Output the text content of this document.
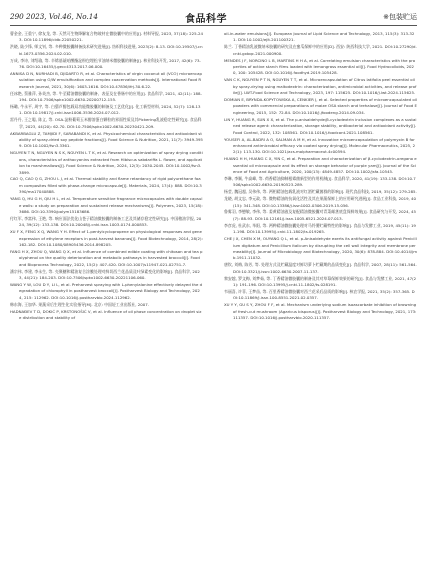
290 2023, Vol.46, No.14	食品科学	※包装贮运

曹金金, 王重宁, 徐友龙, 等. 天然可生物降解复合物玻材在微胶囊中的应用[J]. 材料导报, 2023, 37(18): 225-243. DOI:10.11896/cldb.22050221.

洪晓, 陆少锋, 师文钊, 等. 多种微胶囊制备技术研究进展[J]. 纺织科技进展, 2023(2): 8-13. DOI:10.19507/j.cnki.1673-0356.2024.02.010.

万成, 李诗, 刘绍瑜, 等. 辛烯基琥珀酸酯淀粉包埋松节油纳米微胶囊的制备[J]. 林业科技开发, 2017, 42(6): 73-76. DOI:10.16455/j.gecc4313.2017.06.000.

ANNISA D N, NURHADI B, DJIDARTO R, et al. Characteristics of virgin coconut oil (VCO) microencapsulation using O/W emulsification and complex coacervation methods[J]. International Food Research Journal, 2021, 30(6): 1603-1616. DOI:10.47836/ifrj.30.6.22.

任冰艳, 蔡雅萍, 孙英杰, 等. 牛至精油微胶囊的制备、表征及在香肠中的应用[J]. 食品科学, 2021, 42(11): 188-194. DOI:10.7506/spkx1002-6630-20200712-155.

杨璐, 牛永平, 周宇, 等. 白藜芦醇包载双功能微胶囊的制备及工艺优化[J]. 化工新型材料, 2024, 52(7): 128-131. DOI:10.19817/j.cnki.issn1006-3536.2024.07.012.

雷丹丹, 王之聪, 陈义, 等. OSA-淀粉葡萄玉米醇溶蛋白颗粒的界面性质及其Pickering乳液稳定性研究[J]. 食品科学, 2023, 44(20): 62-70. DOI:10.7506/spkx1002-6630-20230421-209.

AKBARBAGLU Z, TAMJIDI F, SARABANDI K, et al. Physicochemical characteristics and antioxidant stability of spray-dried soy peptide fractions[J]. Food Science & Nutrition, 2021, 11(7): 3949-3959. DOI:10.1002/fsn3.3361.

NGUYEN T N, NGUYEN N S K, NGUYEN L T K, et al. Research on optimization of spray drying conditions, characteristics of anthocyanins extracted from Hibiscus sabdariffa L. flower, and application to marshmallows[J]. Food Science & Nutrition, 2024, 12(3): 2030-2045. DOI:10.1002/fsn3.3899.

CAO Q, CAO Q G, ZHOU L J, et al. Thermal stability and flame retardancy of rigid polyurethane foam composites filled with phase-change microcapsule[J]. Materials, 2024, 17(4): 888. DOI:10.3390/ma17040888.

YANG Q, HU G H, QIU H L, et al. Temperature sensitive fragrance microcapsules with double capsule walls: a study on preparation and sustained release mechanisms[J]. Polymers, 2023, 15(18): 3686. DOI:10.3390/polym15183686.

付红军, 李富伟, 王艳, 等. 响应面法优化山苍子精油微胶囊的制备工艺及其储存稳定性研究[J]. 中国粮油学报, 2024, 39(12): 133-138. DOI:10.20048/j.cnki.issn.1003-0174.000853.

XU F X, FENG X Q, WANG Y H. Effect of 1-pentylcyclopropene on physiological responses and gene expression of ethylene receptors in post-harvest bananas[J]. Food Biotechnology, 2014, 28(2): 162-182. DOI:10.1080/08905436.2014.898205.

FANG H X, ZHOU Q, WANG Q X, et al. Influence of combined edible coating with chitosan and tea polyphenol on the quality deterioration and metabolic pathways in harvested broccoli[J]. Food and Bioprocess Technology, 2022, 15(2): 407-420. DOI:10.1007/s11947-021-02751-7.

潘宗伟, 李建, 李永生, 等. 壳聚糖和精油复合涂膜处理对鲜切西兰花品质及叶绿素变化的影响[J]. 食品科学, 2023, 44(21): 184-203. DOI:10.7506/spkx1002-6630-20221106-060.

WANG Y W, LOU D Y, LI L, et al. Preharvest spraying with L-phenylalanine effectively delayed the degradation of chlorophyll in postharvest broccoli[J]. Postharvest Biology and Technology, 2024, 215: 112962. DOI:10.1016/j.postharvbio.2024.112962.

韩东海, 王加华. 果蔬采后生理生化实验指导[M]. 北京: 中国轻工业出版社, 2007.

HADNAĐEV T D, DOKIĆ P, KRSTONOŠIĆ V, et al. Influence of oil phase concentration on droplet size distribution and stability of

oil-in-water emulsions[J]. European Journal of Lipid Science and Technology, 2013, 115(3): 313-321. DOI:10.1002/ejlt.201100321.

陈兰. 丁香精油乳液微纳米胶囊的研究及在蜜瓜保鲜中的应用[D]. 西安: 陕西科技大学, 2021. DOI:10.27290/d.cnki.gxbqc.2021.000900.

MENDES J F, NORCINO L B, MARTINS H H A, et al. Correlating emulsion characteristics with the properties of active starch films loaded with lemongrass essential oil[J]. Food Hydrocolloids, 2020, 100: 105428. DOI:10.1016/j.foodhyd.2019.105428.

VAN C K, NGUYEN P T N, NGUYEN T T, et al. Microencapsulation of Citrus latifolia peel essential oil by spray-drying using maltodextrin: characterization, antimicrobial activities, and release profile[J]. LWT-Food Science and Technology, 2023, 197: 115625. DOI:10.1016/j.lwt.2024.115625.

DOMIAN E, BRYNDA-KOPYTOWSKA A, CENKIER J, et al. Selected properties of microencapsulated oil powders with commercial preparations of maize OSA starch and trehalose[J]. Journal of Food Engineering, 2015, 152: 72-84. DOI:10.1016/j.jfoodeng.2014.09.034.

LIN Y, HUANG R, SUN X X, et al. The p-anisaldehyde/β-cyclodextrin inclusion complexes as a sustained release agent: characterization, storage stability, antibacterial and antioxidant activity[J]. Food Control, 2022, 132: 108561. DOI:10.1016/j.foodcont.2021.108561.

YOUSEFI A, AL-BADRI A O, SALMAN A M H, et al. Innovative microencapsulation of polymyxin B for enhanced antimicrobial efficacy via coated spray drying[J]. Molecular Pharmaceutics, 2025, 22(1): 113-130. DOI:10.1021/acs.molpharmaceut.4c00594.

HUANG H H, HUANG C X, YIN C, et al. Preparation and characterization of β-cyclodextrin-oregano essential oil microcapsule and its effect on storage behavior of purple yam[J]. Journal of the Science of Food and Agriculture, 2020, 100(13): 4849-4857. DOI:10.1002/jsfa.10545.

李琳, 李顺, 牛高峰, 等. 荷香精油抑制根霉菌新型的作用机制[J]. 食品科学, 2020, 41(19): 133-138. DOI:10.7506/spkx1002-6630-20190523-289.

杨莹, 魏冠超, 吴伟伟, 等. 两相精油包载乳液对红酒贮藏菌群的影响[J]. 现代食品科技, 2019, 35(12): 279-285.

龙晓, 胡文忠, 李元政, 等. 微物精油的抗氧化活性及其在果蔬保鲜上的应用研究进展[J]. 食品工业科技, 2019, 40(15): 341-348. DOI:10.13386/j.issn1002-0306.2019.15.056.

鲁雾羽, 李懋敏, 李伟, 等. 姜黄精油液及复配精油微胶囊对青菜邮茎底盘保鲜效果[J]. 食品研究与开发, 2024, 45(7): 88-93. DOI:10.12161/j.issn.1005-6521.2024.07.013.

李彦虎, 杜武东, 毕阳, 等. 两种精油微胶囊处理对马铃薯贮藏特性的影响[J]. 食品与发酵工业, 2019, 45(11): 191-198. DOI:10.13995/j.cnki.11-1802/ts.019265.

CHE J X, CHEN X M, OUYANG Q L, et al. p-Anisaldehyde exerts its antifungal activity against Penicillium digitatum and Penicillium italicum by disrupting the cell wall integrity and membrane permeability[J]. Journal of Microbiology and Biotechnology, 2020, 30(6): 878-884. DOI:10.4014/jmb.1911.11032.

唐钦, 刘梅, 陈芳, 等. 处理方式及贮藏温度对鲜切萝卜贮藏期的品质变化[J]. 食品科学, 2007, 28(11): 561-564. DOI:10.3321/j.issn:1002-6630.2007.11.137.

黎安越, 罗文梅, 刘梦茹, 等. 丁香精油微胶囊的制备及其对草莓保鲜效果的研究[J]. 食品与发酵工业, 2021, 47(21): 191-196. DOI:10.13995/j.cnki.11-1802/ts.028191.

韦丽喜, 许菲, 王梦苗, 等. 百里香精油微胶囊对西兰花采后品质的影响[J]. 核农学报, 2021, 35(2): 357-365. DOI:10.11869/j.issn.100-8551.2021.02.0357.

XU Y Y, GU S Y, ZHOU F F, et al. Mechanism underlying sodium isoascorbate inhibition of browning of fresh-cut mushroom (Agaricus bisporus)[J]. Postharvest Biology and Technology, 2021, 173: 111357. DOI:10.1016/j.postharvbio.2020.111357.
